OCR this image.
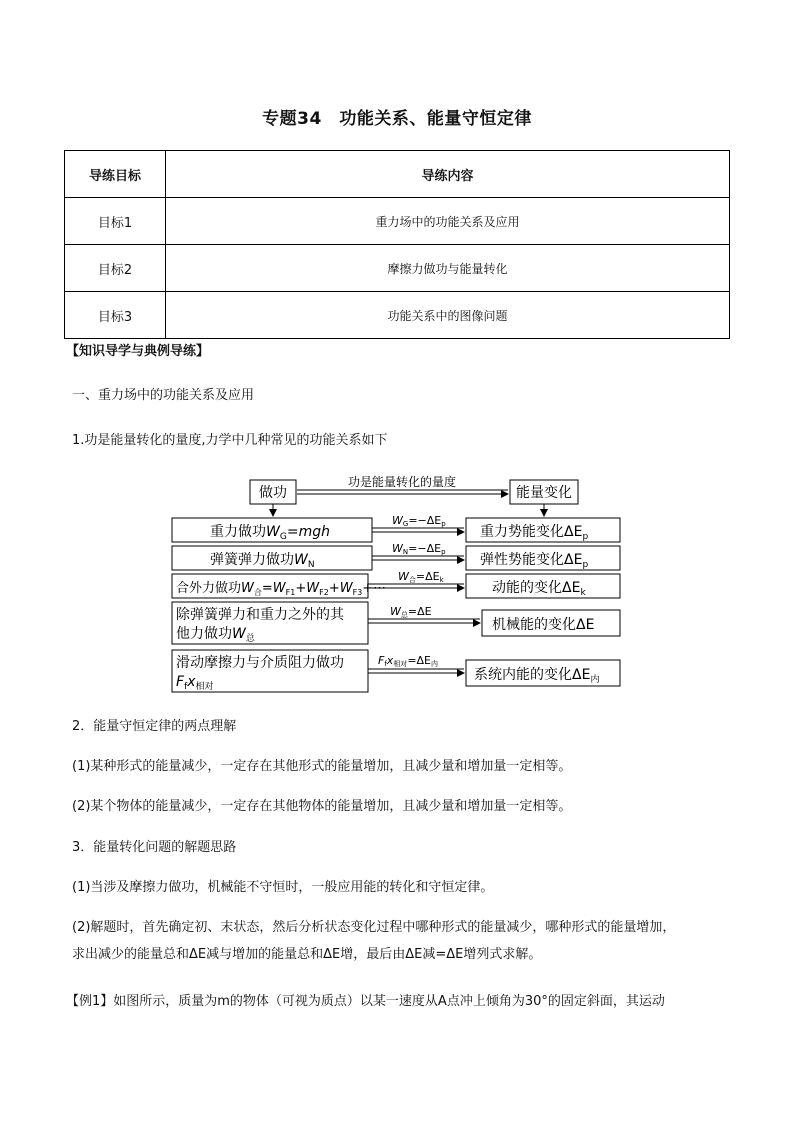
专题34　功能关系、能量守恒定律
导练目标	导练内容
目标1	重力场中的功能关系及应用
目标2	摩擦力做功与能量转化
目标3	功能关系中的图像问题
【知识导学与典例导练】
一、重力场中的功能关系及应用
1.功是能量转化的量度,力学中几种常见的功能关系如下
做功	能量变化
功是能量转化的量度
重力做功$W_G=mgh$	重力势能变化$\Delta E_p$
WG=−ΔEp
弹簧弹力做功$W_N$	弹性势能变化$\Delta E_p$
WN=−ΔEp
合外力做功$W_合=W_{F1}+W_{F2}+W_{F3}+\cdots$	动能的变化$\Delta E_k$
W合=ΔEk
除弹簧弹力和重力之外的其
他力做功$W_总$
机械能的变化ΔE
W总=ΔE
滑动摩擦力与介质阻力做功
$F_fx_{相对}$
系统内能的变化$\Delta E_内$
Ffx相对=ΔE内
2．能量守恒定律的两点理解
(1)某种形式的能量减少，一定存在其他形式的能量增加，且减少量和增加量一定相等。
(2)某个物体的能量减少，一定存在其他物体的能量增加，且减少量和增加量一定相等。
3．能量转化问题的解题思路
(1)当涉及摩擦力做功，机械能不守恒时，一般应用能的转化和守恒定律。
(2)解题时，首先确定初、末状态，然后分析状态变化过程中哪种形式的能量减少，哪种形式的能量增加，
求出减少的能量总和ΔE减与增加的能量总和ΔE增，最后由ΔE减=ΔE增列式求解。
【例1】如图所示，质量为m的物体（可视为质点）以某一速度从A点冲上倾角为30°的固定斜面，其运动
